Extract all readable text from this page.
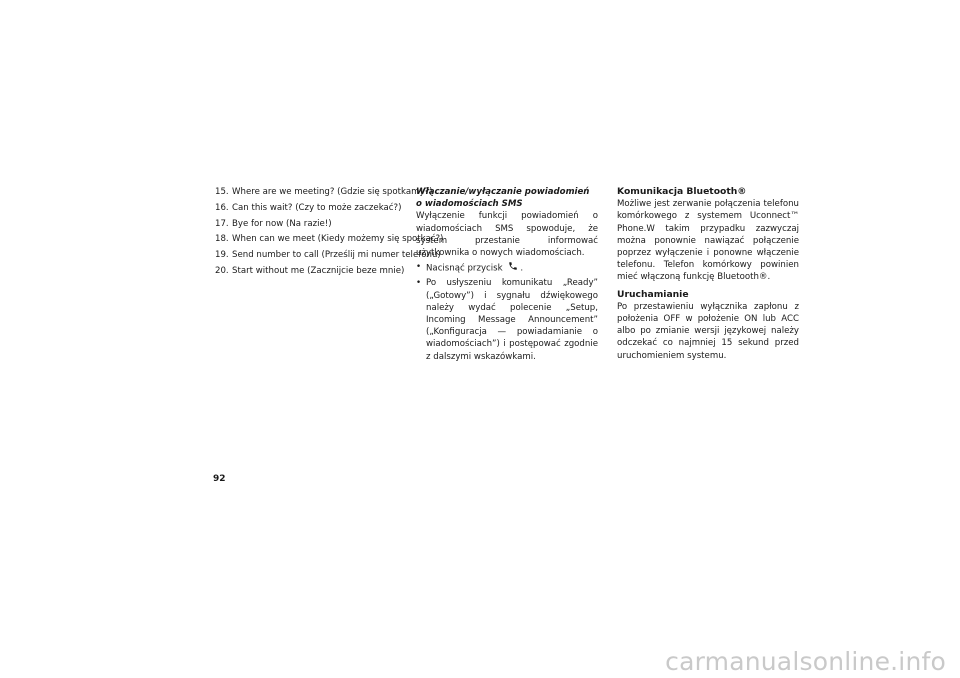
15. Where are we meeting? (Gdzie się spotkamy?)
16. Can this wait? (Czy to może zaczekać?)
17. Bye for now (Na razie!)
18. When can we meet (Kiedy możemy się spotkać?)
19. Send number to call (Prześlij mi numer telefonu)
20. Start without me (Zacznijcie beze mnie)

Włączanie/wyłączanie powiadomień o wiadomościach SMS

Wyłączenie funkcji powiadomień o wiadomościach SMS spowoduje, że system przestanie informować użytkownika o nowych wiadomościach.

• Nacisnąć przycisk .
• Po usłyszeniu komunikatu „Ready” („Gotowy”) i sygnału dźwiękowego należy wydać polecenie „Setup, Incoming Message Announcement” („Konfiguracja — powiadamianie o wiadomościach”) i postępować zgodnie z dalszymi wskazówkami.

Komunikacja Bluetooth®

Możliwe jest zerwanie połączenia telefonu komórkowego z systemem Uconnect™ Phone.W takim przypadku zazwyczaj można ponownie nawiązać połączenie poprzez wyłączenie i ponowne włączenie telefonu. Telefon komórkowy powinien mieć włączoną funkcję Bluetooth®.

Uruchamianie

Po przestawieniu wyłącznika zapłonu z położenia OFF w położenie ON lub ACC albo po zmianie wersji językowej należy odczekać co najmniej 15 sekund przed uruchomieniem systemu.

92
carmanualsonline.info
